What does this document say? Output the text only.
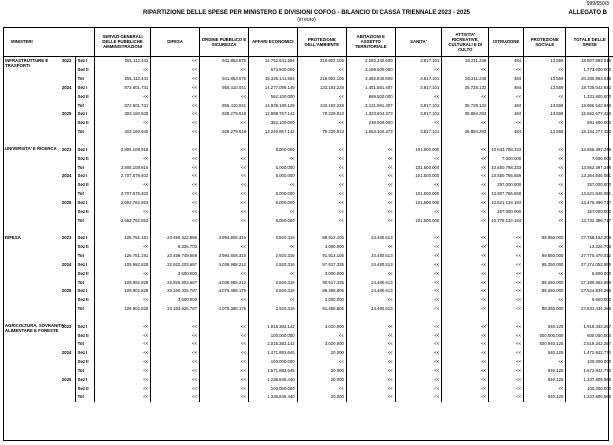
999/650/3
RIPARTIZIONE DELLE SPESE PER MINISTERO E DIVISIONI COFOG - BILANCIO DI CASSA TRIENNALE 2023 - 2025
(in euro)
ALLEGATO B
MINISTERI			SERVIZI GENERALI DELLE PUBBLICHE AMMINISTRAZIONI	DIFESA	ORDINE PUBBLICO E SICUREZZA	AFFARI ECONOMICI	PROTEZIONE DELL'AMBIENTE	ABITAZIONI E ASSETTO TERRITORIALE	SANITA'	ATTIVITA' RICREATIVE, CULTURALI E DI CULTO	ISTRUZIONE	PROTEZIONE SOCIALE	TOTALE DELLE SPESE

INFRASTRUTTURE E TRASPORTI	2023	Sez I	281.112.441	<<	941.853.675	14.752.641.594	218.902.105	2.283.340.609	3.817.101	26.211.246	484	13.559	18.507.893.016
		Sez II	<<	<<	<<	573.500.000	<<	1.199.500.000	<<	<<	<<	<<	1.773.000.000
		Tot	281.112.441	<<	941.853.675	15.326.141.594	218.902.105	3.482.840.609	3.817.101	26.211.246	484	13.559	20.280.893.016
	2024	Sez I	872.601.741	<<	955.410.041	14.277.099.149	133.193.228	1.451.581.407	3.817.101	35.728.132	484	13.559	18.735.042.843
		Sez II	<<	<<	<<	562.100.000	<<	669.500.000	<<	<<	<<	<<	1.231.600.000
		Tot	872.601.741	<<	955.410.041	14.839.199.149	133.193.228	2.121.081.407	3.817.101	35.728.132	484	13.559	19.966.642.843
	2025	Sez I	303.160.940	<<	928.279.618	12.888.767.142	79.229.913	1.323.604.373	3.817.101	35.884.293	484	13.559	15.562.677.423
		Sez II	<<	<<	<<	352.100.000	<<	239.500.000	<<	<<	<<	<<	591.600.000
		Tot	303.160.940	<<	928.279.618	13.240.867.142	79.229.913	1.563.104.373	3.817.101	35.884.293	484	13.559	16.154.277.423

UNIVERSITA' E RICERCA	2023	Sez I	2.805.108.916	<<	<<	5.000.000	<<	<<	101.500.000	<<	10.643.788.333	<<	13.555.397.249
		Sez II	<<	<<	<<	<<	<<	<<	<<	<<	7.000.000	<<	7.000.000
		Tot	2.805.108.916	<<	<<	5.000.000	<<	<<	101.500.000	<<	10.650.788.333	<<	13.562.397.249
	2024	Sez I	2.707.579.402	<<	<<	5.000.000	<<	<<	101.500.000	<<	10.550.765.659	<<	13.364.845.061
		Sez II	<<	<<	<<	<<	<<	<<	<<	<<	257.000.000	<<	257.000.000
		Tot	2.707.579.402	<<	<<	5.000.000	<<	<<	101.500.000	<<	10.807.765.659	<<	13.621.845.061
	2025	Sez I	2.652.762.553	<<	<<	5.000.000	<<	<<	101.500.000	<<	10.521.134.184	<<	13.475.396.717
		Sez II	<<	<<	<<	<<	<<	<<	<<	<<	257.000.000	<<	257.000.000
		Tot	2.652.762.553	<<	<<	5.000.000	<<	<<	101.500.000	<<	10.778.134.184	<<	13.732.396.717

DIFESA	2023	Sez I	126.751.191	23.450.422.866	3.994.808.316	2.920.316	88.912.105	24.480.513	<<	<<	<<	89.850.000	27.758.152.309
		Sez II	<<	9.326.703	<<	<<	3.000.000	<<	<<	<<	<<	<<	12.326.703
		Tot	126.751.191	23.459.749.569	3.994.808.316	2.920.316	91.912.105	24.480.513	<<	<<	<<	89.850.000	27.770.479.012
	2024	Sez I	109.992.828	22.922.203.667	4.038.988.212	2.920.316	87.517.335	24.480.513	<<	<<	<<	88.350.000	27.274.052.895
		Sez II	<<	3.600.000	<<	<<	3.000.000	<<	<<	<<	<<	<<	6.600.000
		Tot	109.992.828	22.925.803.667	4.038.988.212	2.920.316	90.517.335	24.480.513	<<	<<	<<	88.350.000	27.280.652.895
	2025	Sez I	109.902.828	23.160.325.787	4.070.388.175	2.920.316	88.458.805	24.480.513	<<	<<	<<	88.350.000	27.524.834.286
		Sez II	<<	3.600.000	<<	<<	3.000.000	<<	<<	<<	<<	<<	6.600.000
		Tot	109.902.828	23.163.925.787	4.070.388.175	2.920.316	91.458.805	24.480.513	<<	<<	<<	88.350.000	27.531.434.286

AGRICOLTURA, SOVRANITA' ALIMENTARE E FORESTE	2023	Sez I	<<	<<	<<	1.915.382.142	3.020.000	<<	<<	<<	<<	940.125	1.919.342.267
		Sez II	<<	<<	<<	100.000.000	<<	<<	<<	<<	<<	500.000.000	600.000.000
		Tot	<<	<<	<<	2.015.382.142	3.020.000	<<	<<	<<	<<	500.940.125	2.519.342.267
	2024	Sez I	<<	<<	<<	1.471.882.645	20.000	<<	<<	<<	<<	940.125	1.472.842.770
		Sez II	<<	<<	<<	100.000.000	<<	<<	<<	<<	<<	<<	100.000.000
		Tot	<<	<<	<<	1.571.882.645	20.000	<<	<<	<<	<<	940.125	1.572.842.770
	2025	Sez I	<<	<<	<<	1.236.845.440	20.000	<<	<<	<<	<<	940.125	1.237.805.565
		Sez II	<<	<<	<<	100.000.000	<<	<<	<<	<<	<<	<<	100.000.000
		Tot	<<	<<	<<	1.336.845.440	20.000	<<	<<	<<	<<	940.125	1.337.805.565
